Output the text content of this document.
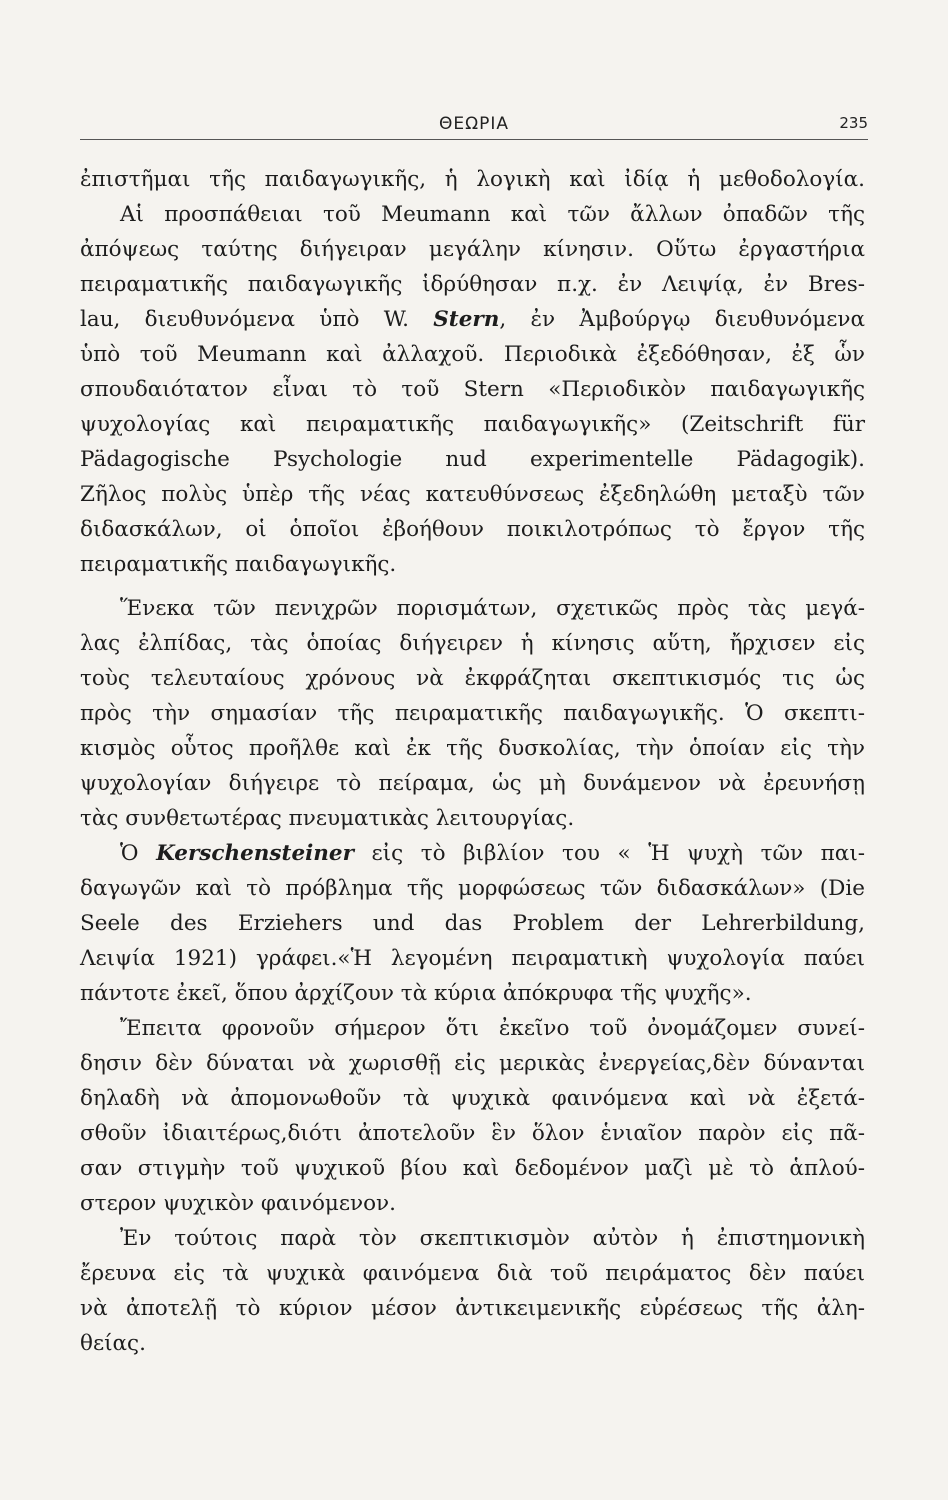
ΘΕΩΡΙΑ	235
ἐπιστῆμαι τῆς παιδαγωγικῆς, ἡ λογικὴ καὶ ἰδίᾳ ἡ μεθοδολογία.
Αἱ προσπάθειαι τοῦ Meumann καὶ τῶν ἄλλων ὀπαδῶν τῆς
ἀπόψεως ταύτης διήγειραν μεγάλην κίνησιν. Οὕτω ἐργαστήρια
πειραματικῆς παιδαγωγικῆς ἱδρύθησαν π.χ. ἐν Λειψίᾳ, ἐν Bres-
lau, διευθυνόμενα ὑπὸ W. Stern, ἐν Ἀμβούργῳ διευθυνόμενα
ὑπὸ τοῦ Meumann καὶ ἀλλαχοῦ. Περιοδικὰ ἐξεδόθησαν, ἐξ ὧν
σπουδαιότατον εἶναι τὸ τοῦ Stern «Περιοδικὸν παιδαγωγικῆς
ψυχολογίας καὶ πειραματικῆς παιδαγωγικῆς» (Zeitschrift für
Pädagogische Psychologie nud experimentelle Pädagogik).
Ζῆλος πολὺς ὑπὲρ τῆς νέας κατευθύνσεως ἐξεδηλώθη μεταξὺ τῶν
διδασκάλων, οἱ ὁποῖοι ἐβοήθουν ποικιλοτρόπως τὸ ἔργον τῆς
πειραματικῆς παιδαγωγικῆς.
Ἕνεκα τῶν πενιχρῶν πορισμάτων, σχετικῶς πρὸς τὰς μεγά-
λας ἐλπίδας, τὰς ὁποίας διήγειρεν ἡ κίνησις αὕτη, ἤρχισεν εἰς
τοὺς τελευταίους χρόνους νὰ ἐκφράζηται σκεπτικισμός τις ὡς
πρὸς τὴν σημασίαν τῆς πειραματικῆς παιδαγωγικῆς. Ὁ σκεπτι-
κισμὸς οὗτος προῆλθε καὶ ἐκ τῆς δυσκολίας, τὴν ὁποίαν εἰς τὴν
ψυχολογίαν διήγειρε τὸ πείραμα, ὡς μὴ δυνάμενον νὰ ἐρευνήσῃ
τὰς συνθετωτέρας πνευματικὰς λειτουργίας.
Ὁ Kerschensteiner εἰς τὸ βιβλίον του « Ἡ ψυχὴ τῶν παι-
δαγωγῶν καὶ τὸ πρόβλημα τῆς μορφώσεως τῶν διδασκάλων» (Die
Seele des Erziehers und das Problem der Lehrerbildung,
Λειψία 1921) γράφει.«Ἡ λεγομένη πειραματικὴ ψυχολογία παύει
πάντοτε ἐκεῖ, ὅπου ἀρχίζουν τὰ κύρια ἀπόκρυφα τῆς ψυχῆς».
Ἔπειτα φρονοῦν σήμερον ὅτι ἐκεῖνο τοῦ ὀνομάζομεν συνεί-
δησιν δὲν δύναται νὰ χωρισθῇ εἰς μερικὰς ἐνεργείας,δὲν δύνανται
δηλαδὴ νὰ ἀπομονωθοῦν τὰ ψυχικὰ φαινόμενα καὶ νὰ ἐξετά-
σθοῦν ἰδιαιτέρως,διότι ἀποτελοῦν ἓν ὅλον ἑνιαῖον παρὸν εἰς πᾶ-
σαν στιγμὴν τοῦ ψυχικοῦ βίου καὶ δεδομένον μαζὶ μὲ τὸ ἁπλού-
στερον ψυχικὸν φαινόμενον.
Ἐν τούτοις παρὰ τὸν σκεπτικισμὸν αὐτὸν ἡ ἐπιστημονικὴ
ἔρευνα εἰς τὰ ψυχικὰ φαινόμενα διὰ τοῦ πειράματος δὲν παύει
νὰ ἀποτελῇ τὸ κύριον μέσον ἀντικειμενικῆς εὑρέσεως τῆς ἀλη-
θείας.
